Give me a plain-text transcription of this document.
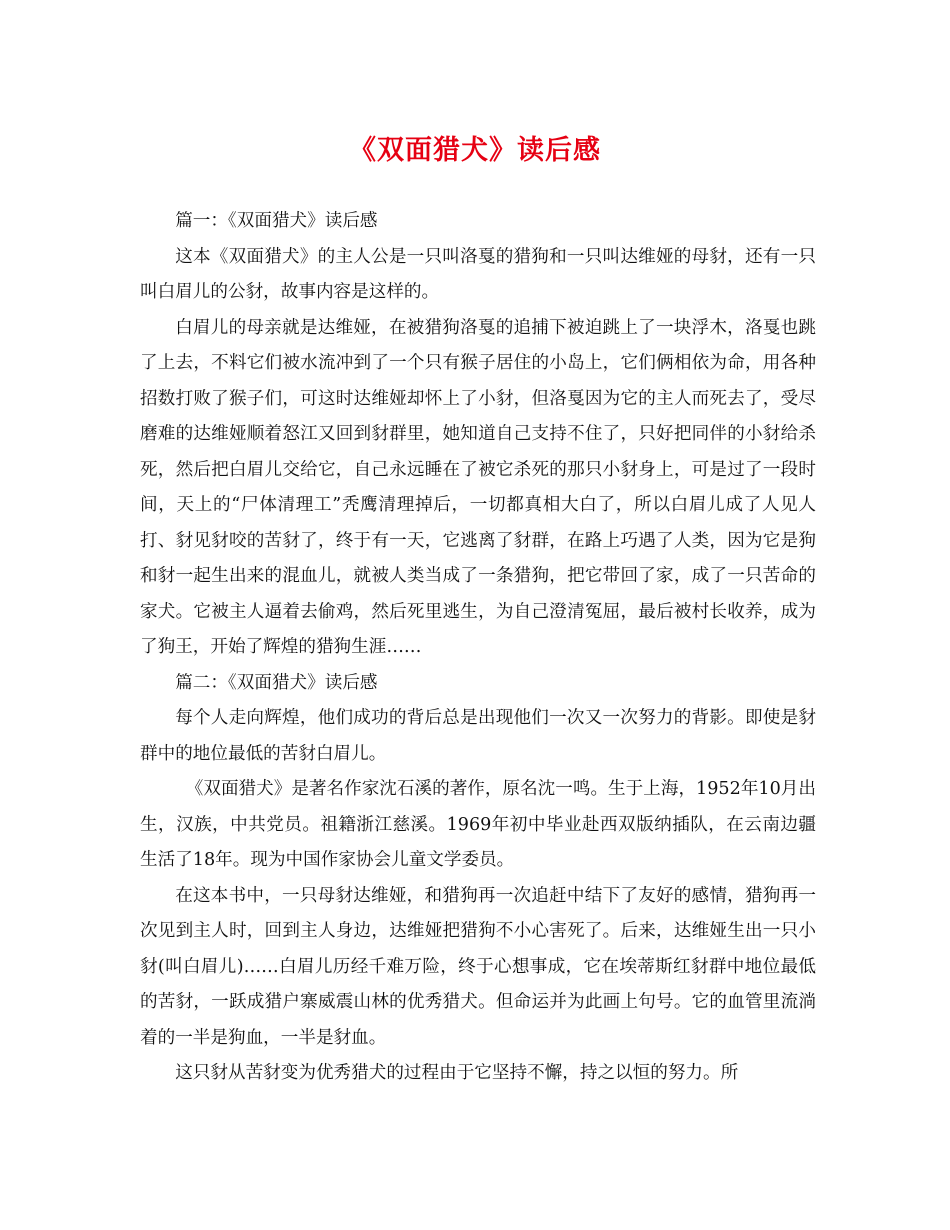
《双面猎犬》读后感

篇一：《双面猎犬》读后感

这本《双面猎犬》的主人公是一只叫洛戛的猎狗和一只叫达维娅的母豺，还有一只叫白眉儿的公豺，故事内容是这样的。

白眉儿的母亲就是达维娅，在被猎狗洛戛的追捕下被迫跳上了一块浮木，洛戛也跳了上去，不料它们被水流冲到了一个只有猴子居住的小岛上，它们俩相依为命，用各种招数打败了猴子们，可这时达维娅却怀上了小豺，但洛戛因为它的主人而死去了，受尽磨难的达维娅顺着怒江又回到豺群里，她知道自己支持不住了，只好把同伴的小豺给杀死，然后把白眉儿交给它，自己永远睡在了被它杀死的那只小豺身上，可是过了一段时间，天上的“尸体清理工”秃鹰清理掉后，一切都真相大白了，所以白眉儿成了人见人打、豺见豺咬的苦豺了，终于有一天，它逃离了豺群，在路上巧遇了人类，因为它是狗和豺一起生出来的混血儿，就被人类当成了一条猎狗，把它带回了家，成了一只苦命的家犬。它被主人逼着去偷鸡，然后死里逃生，为自己澄清冤屈，最后被村长收养，成为了狗王，开始了辉煌的猎狗生涯……

篇二：《双面猎犬》读后感

每个人走向辉煌，他们成功的背后总是出现他们一次又一次努力的背影。即使是豺群中的地位最低的苦豺白眉儿。

《双面猎犬》是著名作家沈石溪的著作，原名沈一鸣。生于上海，1952年10月出生，汉族，中共党员。祖籍浙江慈溪。1969年初中毕业赴西双版纳插队，在云南边疆生活了18年。现为中国作家协会儿童文学委员。

在这本书中，一只母豺达维娅，和猎狗再一次追赶中结下了友好的感情，猎狗再一次见到主人时，回到主人身边，达维娅把猎狗不小心害死了。后来，达维娅生出一只小豺(叫白眉儿)……白眉儿历经千难万险，终于心想事成，它在埃蒂斯红豺群中地位最低的苦豺，一跃成猎户寨威震山林的优秀猎犬。但命运并为此画上句号。它的血管里流淌着的一半是狗血，一半是豺血。

这只豺从苦豺变为优秀猎犬的过程由于它坚持不懈，持之以恒的努力。所
